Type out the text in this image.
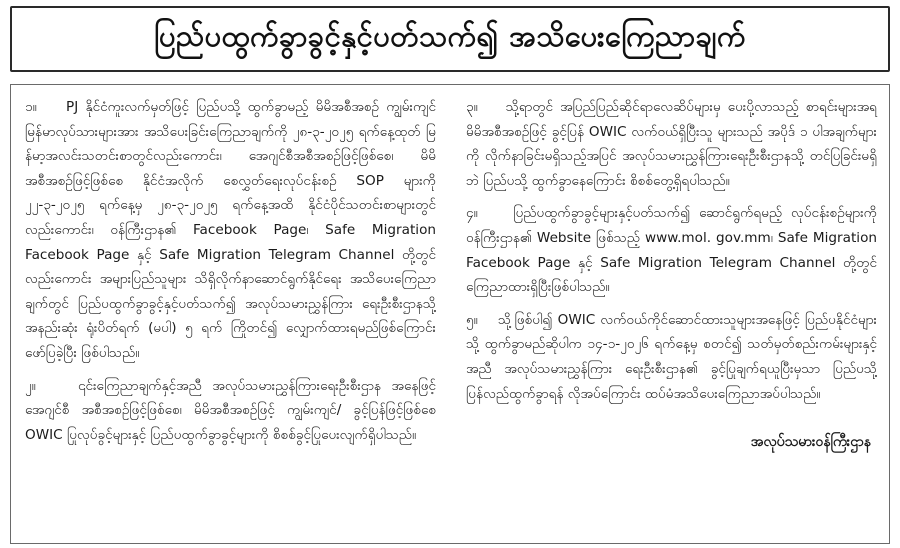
ပြည်ပထွက်ခွာခွင့်နှင့်ပတ်သက်၍ အသိပေးကြေညာချက်

၁။    PJ နိုင်ငံကူးလက်မှတ်ဖြင့် ပြည်ပသို့ ထွက်ခွာမည့် မိမိအစီအစဉ် ကျွမ်းကျင်မြန်မာလုပ်သားများအား အသိပေးခြင်းကြေညာချက်ကို ၂၈-၃-၂၀၂၅ ရက်နေ့ထုတ် မြန်မာ့အလင်းသတင်းစာတွင်လည်းကောင်း၊ အေဂျင်စီအစီအစဉ်ဖြင့်ဖြစ်စေ၊ မိမိအစီအစဉ်ဖြင့်ဖြစ်စေ နိုင်ငံအလိုက် စေလွှတ်ရေးလုပ်ငန်းစဉ် SOP များကို ၂၂-၃-၂၀၂၅ ရက်နေ့မှ ၂၈-၃-၂၀၂၅ ရက်နေ့အထိ နိုင်ငံပိုင်သတင်းစာများတွင်လည်းကောင်း၊ ဝန်ကြီးဌာန၏ Facebook Page၊ Safe Migration Facebook Page နှင့် Safe Migration Telegram Channel တို့တွင်လည်းကောင်း အများပြည်သူများ သိရှိလိုက်နာဆောင်ရွက်နိုင်ရေး အသိပေးကြေညာ ချက်တွင် ပြည်ပထွက်ခွာခွင့်နှင့်ပတ်သက်၍ အလုပ်သမားညွှန်ကြား ရေးဦးစီးဌာနသို့ အနည်းဆုံး ရုံးပိတ်ရက် (မပါ) ၅ ရက် ကြိုတင်၍ လျှောက်ထားရမည်ဖြစ်ကြောင်း ဖော်ပြခဲ့ပြီး ဖြစ်ပါသည်။

၂။    ၎င်းကြေညာချက်နှင့်အညီ အလုပ်သမားညွှန်ကြားရေးဦးစီးဌာန အနေဖြင့် အေဂျင်စီ အစီအစဉ်ဖြင့်ဖြစ်စေ၊ မိမိအစီအစဉ်ဖြင့် ကျွမ်းကျင်/ ခွင့်ပြန်ဖြင့်ဖြစ်စေ OWIC ပြုလုပ်ခွင့်များနှင့် ပြည်ပထွက်ခွာခွင့်များကို စိစစ်ခွင့်ပြုပေးလျက်ရှိပါသည်။

၃။    သို့ရာတွင် အပြည်ပြည်ဆိုင်ရာလေဆိပ်များမှ ပေးပို့လာသည့် စာရင်းများအရ မိမိအစီအစဉ်ဖြင့် ခွင့်ပြန် OWIC လက်ဝယ်ရှိပြီးသူ များသည် အပိုဒ် ၁ ပါအချက်များကို လိုက်နာခြင်းမရှိသည့်အပြင် အလုပ်သမားညွှန်ကြားရေးဦးစီးဌာနသို့ တင်ပြခြင်းမရှိဘဲ ပြည်ပသို့ ထွက်ခွာနေကြောင်း စိစစ်တွေ့ရှိရပါသည်။

၄။    ပြည်ပထွက်ခွာခွင့်များနှင့်ပတ်သက်၍ ဆောင်ရွက်ရမည့် လုပ်ငန်းစဉ်များကို ဝန်ကြီးဌာန၏ Website ဖြစ်သည့် www.mol. gov.mm၊ Safe Migration Facebook Page နှင့် Safe Migration Telegram Channel တို့တွင် ကြေညာထားရှိပြီးဖြစ်ပါသည်။

၅။    သို့ဖြစ်ပါ၍ OWIC လက်ဝယ်ကိုင်ဆောင်ထားသူများအနေဖြင့် ပြည်ပနိုင်ငံများသို့ ထွက်ခွာမည်ဆိုပါက ၁၄-၁-၂၀၂၆ ရက်နေ့မှ စတင်၍ သတ်မှတ်စည်းကမ်းများနှင့်အညီ အလုပ်သမားညွှန်ကြား ရေးဦးစီးဌာန၏ ခွင့်ပြုချက်ရယူပြီးမှသာ ပြည်ပသို့ပြန်လည်ထွက်ခွာရန် လိုအပ်ကြောင်း ထပ်မံအသိပေးကြေညာအပ်ပါသည်။

အလုပ်သမားဝန်ကြီးဌာန
